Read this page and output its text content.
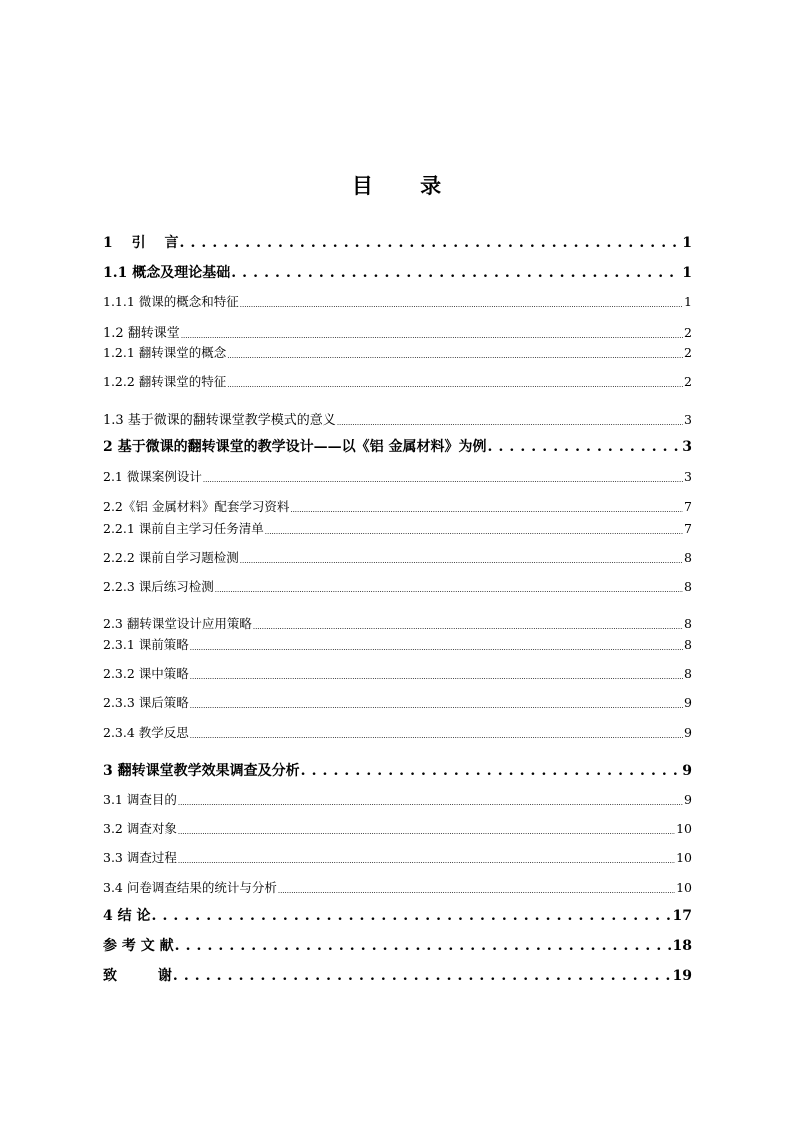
目 录
1 引 言 . . .	1
1.1 概念及理论基础 . . .	1
1.1.1 微课的概念和特征 .....	1
1.2 翻转课堂 .....	2
1.2.1 翻转课堂的概念 .....	2
1.2.2 翻转课堂的特征 .....	2
1.3 基于微课的翻转课堂教学模式的意义 .....	3
2 基于微课的翻转课堂的教学设计——以《铝 金属材料》为例 . . .	3
2.1 微课案例设计 .....	3
2.2《铝 金属材料》配套学习资料 .....	7
2.2.1 课前自主学习任务清单 .....	7
2.2.2 课前自学习题检测 .....	8
2.2.3 课后练习检测 .....	8
2.3 翻转课堂设计应用策略 .....	8
2.3.1 课前策略 .....	8
2.3.2 课中策略 .....	8
2.3.3 课后策略 .....	9
2.3.4 教学反思 .....	9
3 翻转课堂教学效果调查及分析 . . .	9
3.1 调查目的 .....	9
3.2 调查对象 .....	10
3.3 调查过程 .....	10
3.4 问卷调查结果的统计与分析 .....	10
4 结 论 . . .	17
参 考 文 献 . . .	18
致 谢 . . .	19
